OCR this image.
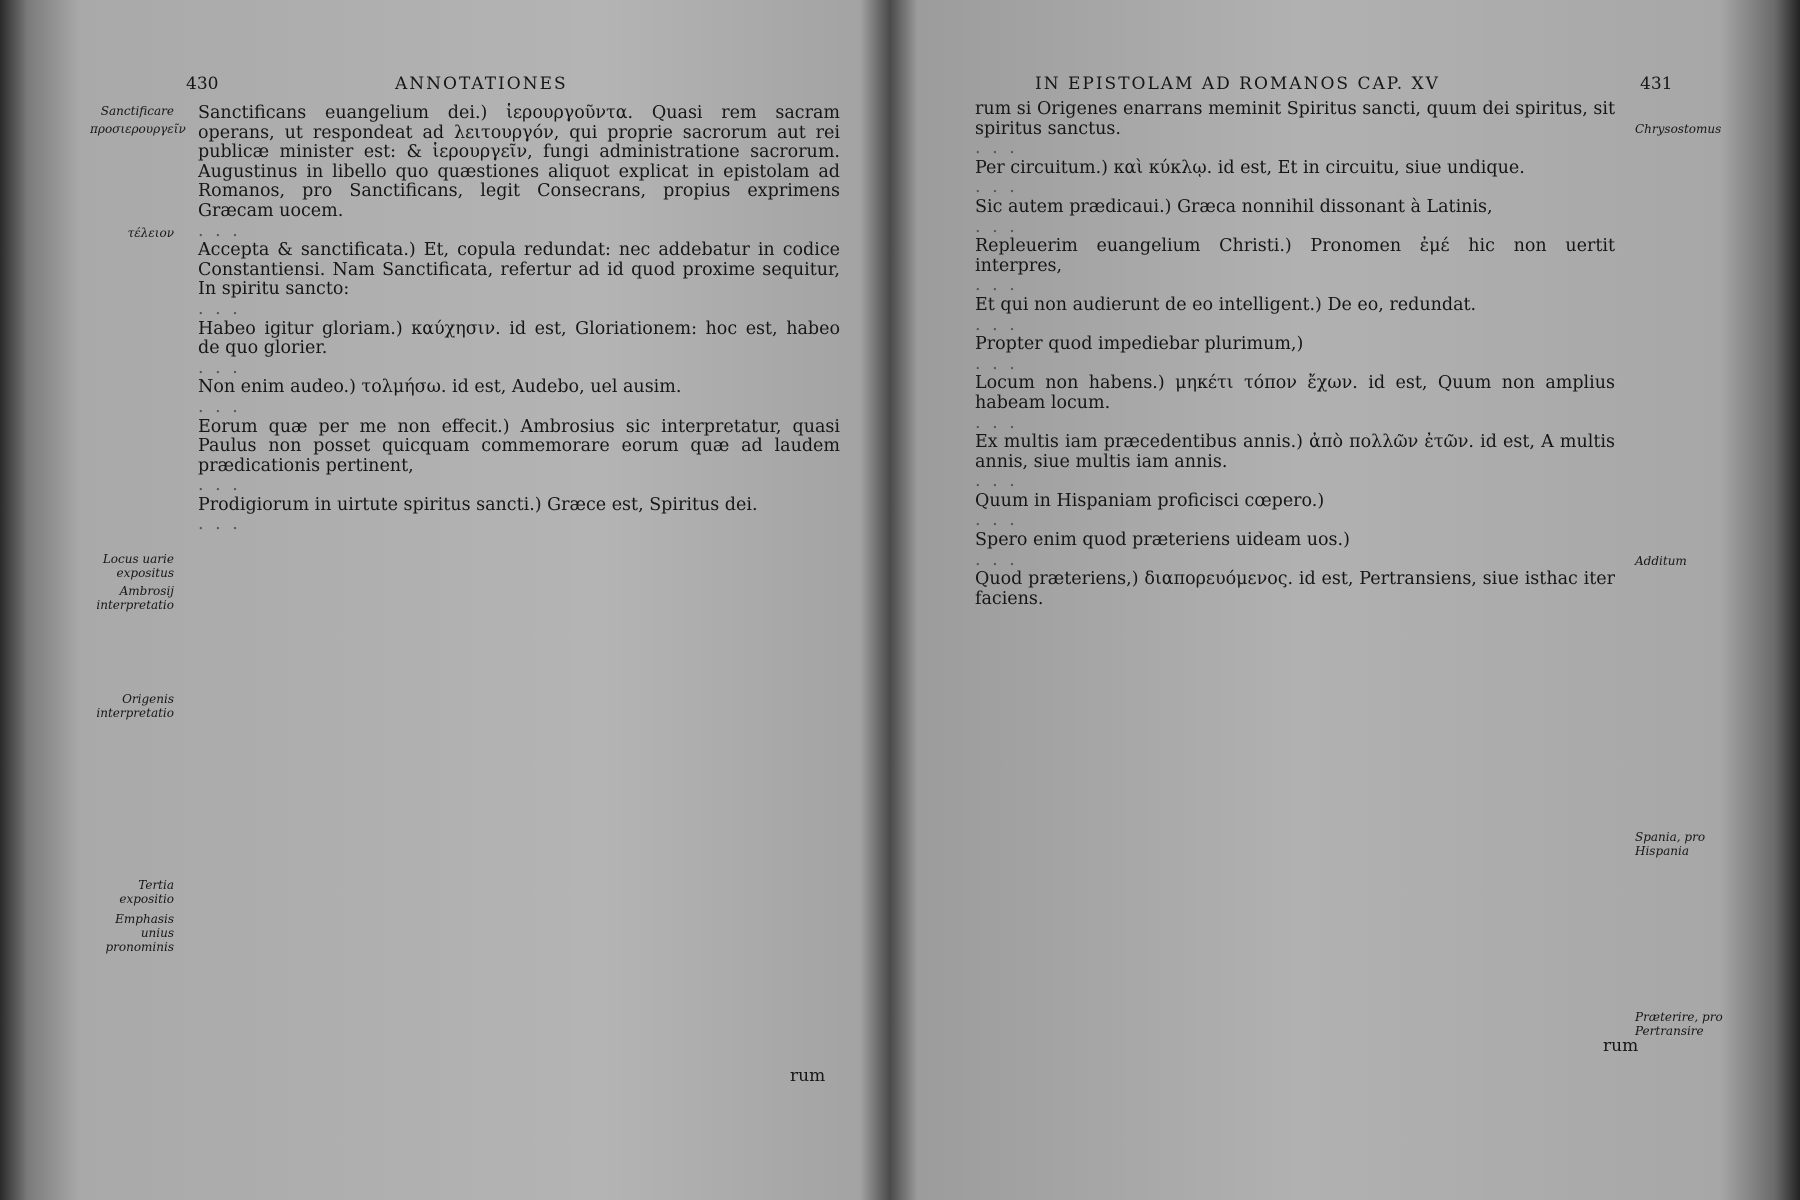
430	ANNOTATIONES
Sanctificare
προσιερουργεῖν
τέλειον
Locus uarie expositus
Ambrosij interpretatio
Origenis interpretatio
Tertia expositio
Emphasis unius pronominis

Sanctificans euangelium dei.) ἱερουργοῦντα. Quasi rem sacram operans, ut respondeat ad λειτουργόν, qui proprie sacrorum aut rei publicæ minister est: & ἱερουργεῖν, fungi administratione sacrorum. Augustinus in libello quo quæstiones aliquot explicat in epistolam ad Romanos, pro Sanctificans, legit Consecrans, propius exprimens Græcam uocem.

. . .

Accepta & sanctificata.) Et, copula redundat: nec addebatur in codice Constantiensi. Nam Sanctificata, refertur ad id quod proxime sequitur, In spiritu sancto:

. . .

Habeo igitur gloriam.) καύχησιν. id est, Gloriationem: hoc est, habeo de quo glorier.

. . .

Non enim audeo.) τολμήσω. id est, Audebo, uel ausim.

. . .

Eorum quæ per me non effecit.) Ambrosius sic interpretatur, quasi Paulus non posset quicquam commemorare eorum quæ ad laudem prædicationis pertinent,

. . .

Prodigiorum in uirtute spiritus sancti.) Græce est, Spiritus dei.

. . .

rum
IN EPISTOLAM AD ROMANOS CAP. XV	431
Chrysostomus
Additum
Spania, pro Hispania
Præterire, pro Pertransire

rum si Origenes enarrans meminit Spiritus sancti, quum dei spiritus, sit spiritus sanctus.

. . .

Per circuitum.) καὶ κύκλῳ. id est, Et in circuitu, siue undique.

. . .

Sic autem prædicaui.) Græca nonnihil dissonant à Latinis,

. . .

Repleuerim euangelium Christi.) Pronomen ἐμέ hic non uertit interpres,

. . .

Et qui non audierunt de eo intelligent.) De eo, redundat.

. . .

Propter quod impediebar plurimum,)

. . .

Locum non habens.) μηκέτι τόπον ἔχων. id est, Quum non amplius habeam locum.

. . .

Ex multis iam præcedentibus annis.) ἀπὸ πολλῶν ἐτῶν. id est, A multis annis, siue multis iam annis.

. . .

Quum in Hispaniam proficisci cœpero.)

. . .

Spero enim quod præteriens uideam uos.)

. . .

Quod præteriens,) διαπορευόμενος. id est, Pertransiens, siue isthac iter faciens.

rum
